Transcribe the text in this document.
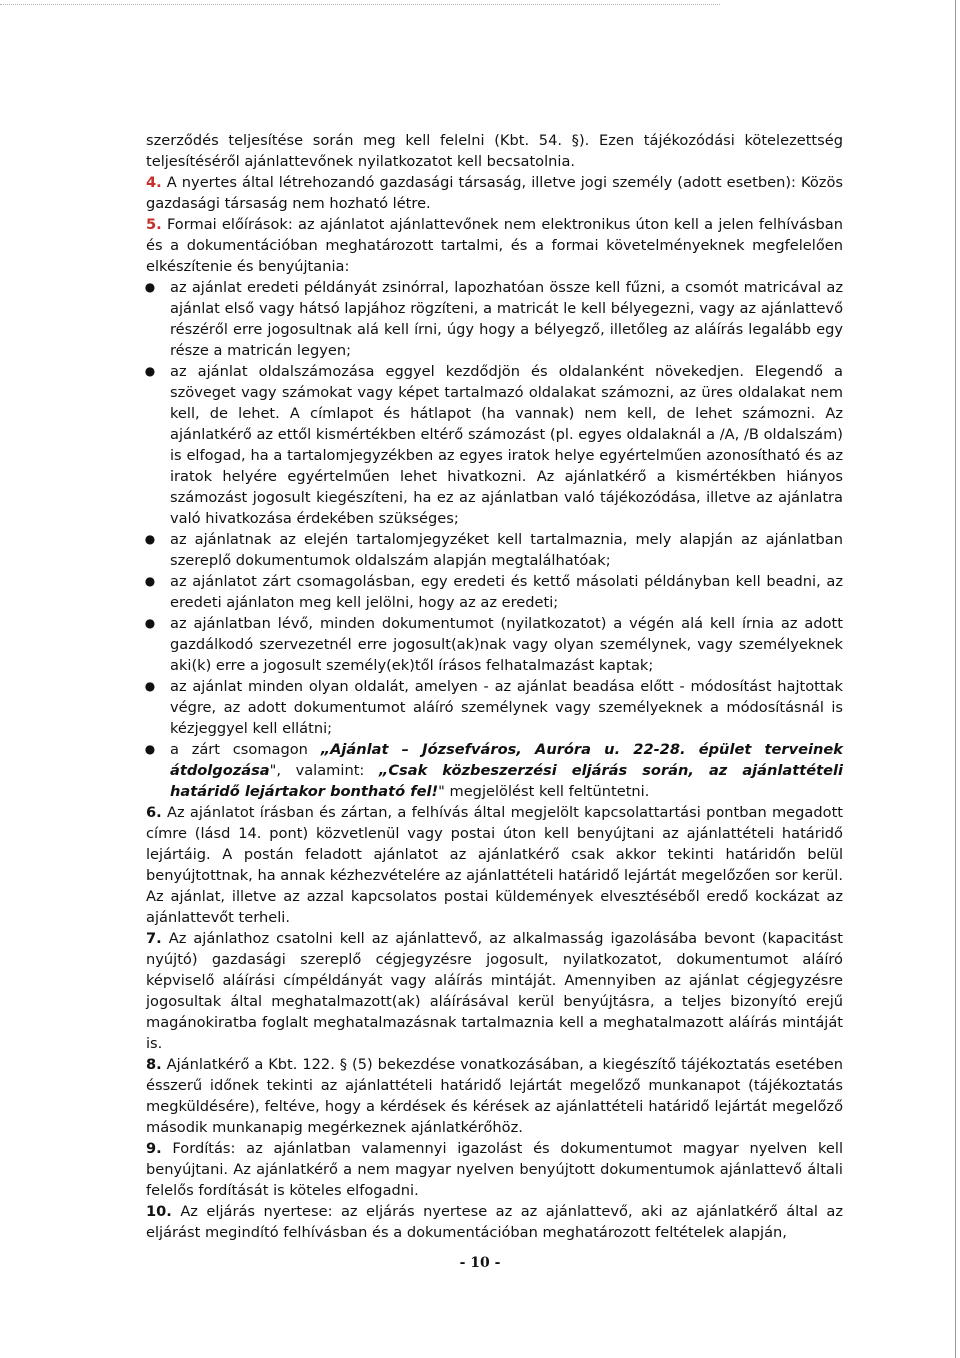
szerződés teljesítése során meg kell felelni (Kbt. 54. §). Ezen tájékozódási kötelezettség teljesítéséről ajánlattevőnek nyilatkozatot kell becsatolnia.

4. A nyertes által létrehozandó gazdasági társaság, illetve jogi személy (adott esetben): Közös gazdasági társaság nem hozható létre.

5. Formai előírások: az ajánlatot ajánlattevőnek nem elektronikus úton kell a jelen felhívásban és a dokumentációban meghatározott tartalmi, és a formai követelményeknek megfelelően elkészítenie és benyújtania:

● az ajánlat eredeti példányát zsinórral, lapozhatóan össze kell fűzni, a csomót matricával az ajánlat első vagy hátsó lapjához rögzíteni, a matricát le kell bélyegezni, vagy az ajánlattevő részéről erre jogosultnak alá kell írni, úgy hogy a bélyegző, illetőleg az aláírás legalább egy része a matricán legyen;
● az ajánlat oldalszámozása eggyel kezdődjön és oldalanként növekedjen. Elegendő a szöveget vagy számokat vagy képet tartalmazó oldalakat számozni, az üres oldalakat nem kell, de lehet. A címlapot és hátlapot (ha vannak) nem kell, de lehet számozni. Az ajánlatkérő az ettől kismértékben eltérő számozást (pl. egyes oldalaknál a /A, /B oldalszám) is elfogad, ha a tartalomjegyzékben az egyes iratok helye egyértelműen azonosítható és az iratok helyére egyértelműen lehet hivatkozni. Az ajánlatkérő a kismértékben hiányos számozást jogosult kiegészíteni, ha ez az ajánlatban való tájékozódása, illetve az ajánlatra való hivatkozása érdekében szükséges;
● az ajánlatnak az elején tartalomjegyzéket kell tartalmaznia, mely alapján az ajánlatban szereplő dokumentumok oldalszám alapján megtalálhatóak;
● az ajánlatot zárt csomagolásban, egy eredeti és kettő másolati példányban kell beadni, az eredeti ajánlaton meg kell jelölni, hogy az az eredeti;
● az ajánlatban lévő, minden dokumentumot (nyilatkozatot) a végén alá kell írnia az adott gazdálkodó szervezetnél erre jogosult(ak)nak vagy olyan személynek, vagy személyeknek aki(k) erre a jogosult személy(ek)től írásos felhatalmazást kaptak;
● az ajánlat minden olyan oldalát, amelyen - az ajánlat beadása előtt - módosítást hajtottak végre, az adott dokumentumot aláíró személynek vagy személyeknek a módosításnál is kézjeggyel kell ellátni;
● a zárt csomagon „Ajánlat – Józsefváros, Auróra u. 22-28. épület terveinek átdolgozása", valamint: „Csak közbeszerzési eljárás során, az ajánlattételi határidő lejártakor bontható fel!" megjelölést kell feltüntetni.

6. Az ajánlatot írásban és zártan, a felhívás által megjelölt kapcsolattartási pontban megadott címre (lásd 14. pont) közvetlenül vagy postai úton kell benyújtani az ajánlattételi határidő lejártáig. A postán feladott ajánlatot az ajánlatkérő csak akkor tekinti határidőn belül benyújtottnak, ha annak kézhezvételére az ajánlattételi határidő lejártát megelőzően sor kerül. Az ajánlat, illetve az azzal kapcsolatos postai küldemények elvesztéséből eredő kockázat az ajánlattevőt terheli.

7. Az ajánlathoz csatolni kell az ajánlattevő, az alkalmasság igazolásába bevont (kapacitást nyújtó) gazdasági szereplő cégjegyzésre jogosult, nyilatkozatot, dokumentumot aláíró képviselő aláírási címpéldányát vagy aláírás mintáját. Amennyiben az ajánlat cégjegyzésre jogosultak által meghatalmazott(ak) aláírásával kerül benyújtásra, a teljes bizonyító erejű magánokiratba foglalt meghatalmazásnak tartalmaznia kell a meghatalmazott aláírás mintáját is.

8. Ajánlatkérő a Kbt. 122. § (5) bekezdése vonatkozásában, a kiegészítő tájékoztatás esetében ésszerű időnek tekinti az ajánlattételi határidő lejártát megelőző munkanapot (tájékoztatás megküldésére), feltéve, hogy a kérdések és kérések az ajánlattételi határidő lejártát megelőző második munkanapig megérkeznek ajánlatkérőhöz.

9. Fordítás: az ajánlatban valamennyi igazolást és dokumentumot magyar nyelven kell benyújtani. Az ajánlatkérő a nem magyar nyelven benyújtott dokumentumok ajánlattevő általi felelős fordítását is köteles elfogadni.

10. Az eljárás nyertese: az eljárás nyertese az az ajánlattevő, aki az ajánlatkérő által az eljárást megindító felhívásban és a dokumentációban meghatározott feltételek alapján,

- 10 -
